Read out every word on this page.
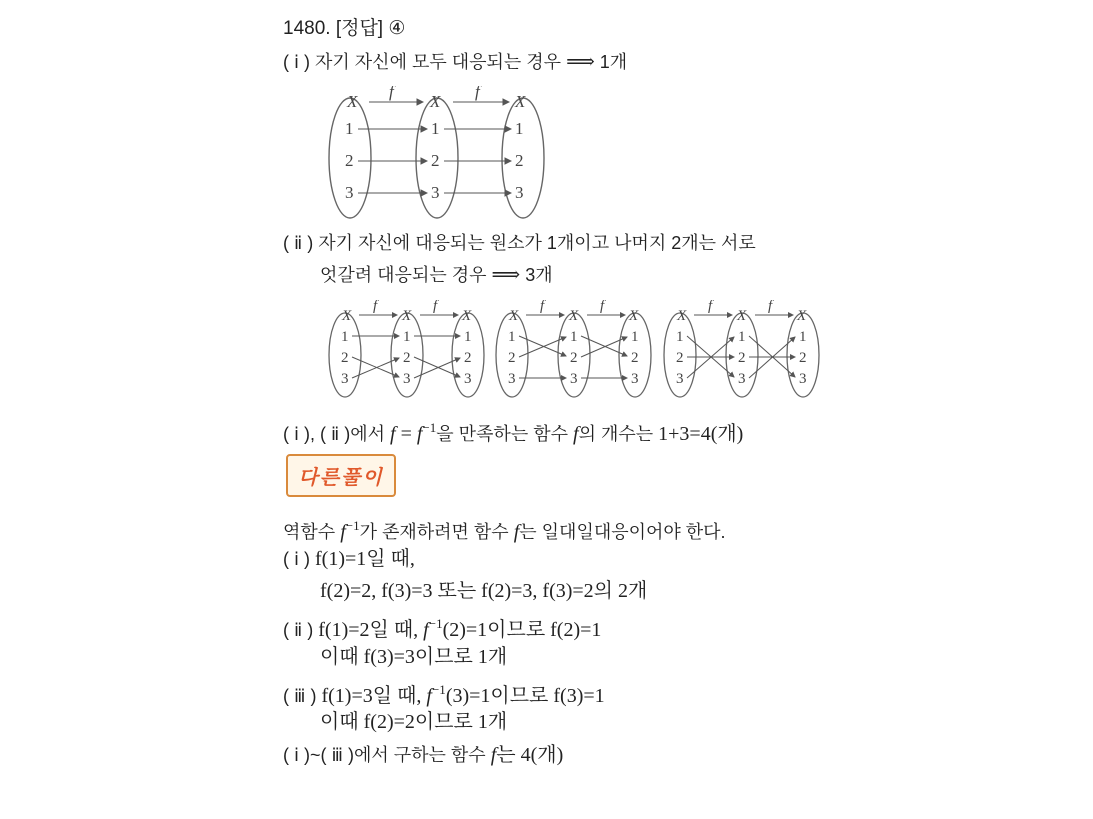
1480. [정답] ④
( ⅰ ) 자기 자신에 모두 대응되는 경우 ⟹ 1개
X	X	X
f	f
1
2
3
1
2
3
1
2
3
( ⅱ ) 자기 자신에 대응되는 원소가 1개이고 나머지 2개는 서로
엇갈려 대응되는 경우 ⟹ 3개
X	X	X
f	f
1
2
3
1
2
3
1
2
3
X	X	X
f	f
1
2
3
1
2
3
1
2
3
X	X	X
f	f
1
2
3
1
2
3
1
2
3
( ⅰ ), ( ⅱ )에서 $f = f^{-1}$을 만족하는 함수 f의 개수는 1+3=4(개)
다른풀이
역함수 $f^{-1}$가 존재하려면 함수 f는 일대일대응이어야 한다.
( ⅰ ) f(1)=1일 때,
f(2)=2, f(3)=3 또는 f(2)=3, f(3)=2의 2개
( ⅱ ) f(1)=2일 때, $f^{-1}(2)=1$이므로 f(2)=1
이때 f(3)=3이므로 1개
( ⅲ ) f(1)=3일 때, $f^{-1}(3)=1$이므로 f(3)=1
이때 f(2)=2이므로 1개
( ⅰ )~( ⅲ )에서 구하는 함수 f는 4(개)
